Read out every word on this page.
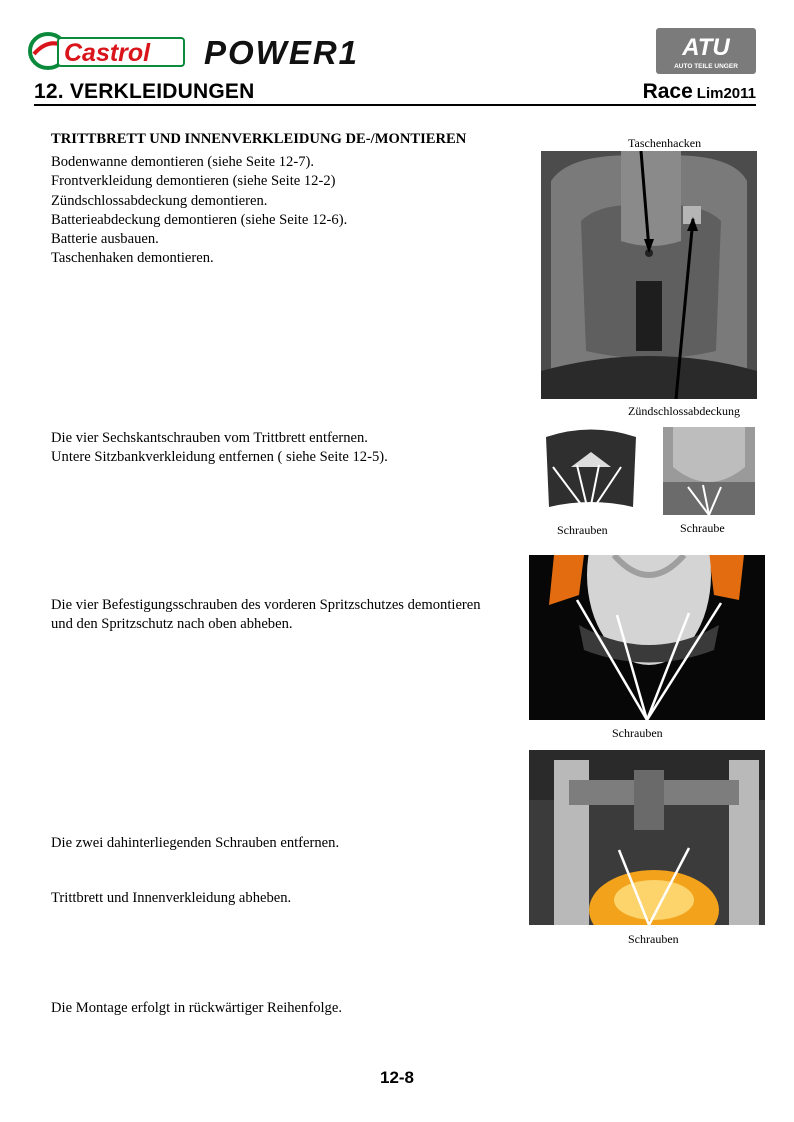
Castrol POWER1	ATU
AUTO TEILE UNGER
12. VERKLEIDUNGEN	Race Lim2011
TRITTBRETT UND INNENVERKLEIDUNG DE-/MONTIEREN
Bodenwanne demontieren (siehe Seite 12-7).
Frontverkleidung demontieren (siehe Seite 12-2)
Zündschlossabdeckung demontieren.
Batterieabdeckung demontieren (siehe Seite 12-6).
Batterie ausbauen.
Taschenhaken demontieren.
Die vier Sechskantschrauben vom Trittbrett entfernen.
Untere Sitzbankverkleidung entfernen ( siehe Seite 12-5).
Die vier Befestigungsschrauben des vorderen Spritzschutzes demontieren
und den Spritzschutz nach oben abheben.
Die zwei dahinterliegenden Schrauben entfernen.
Trittbrett und Innenverkleidung abheben.
Die Montage erfolgt in rückwärtiger Reihenfolge.
Taschenhacken
Zündschlossabdeckung
Schrauben	Schraube
Schrauben
Schrauben
12-8
